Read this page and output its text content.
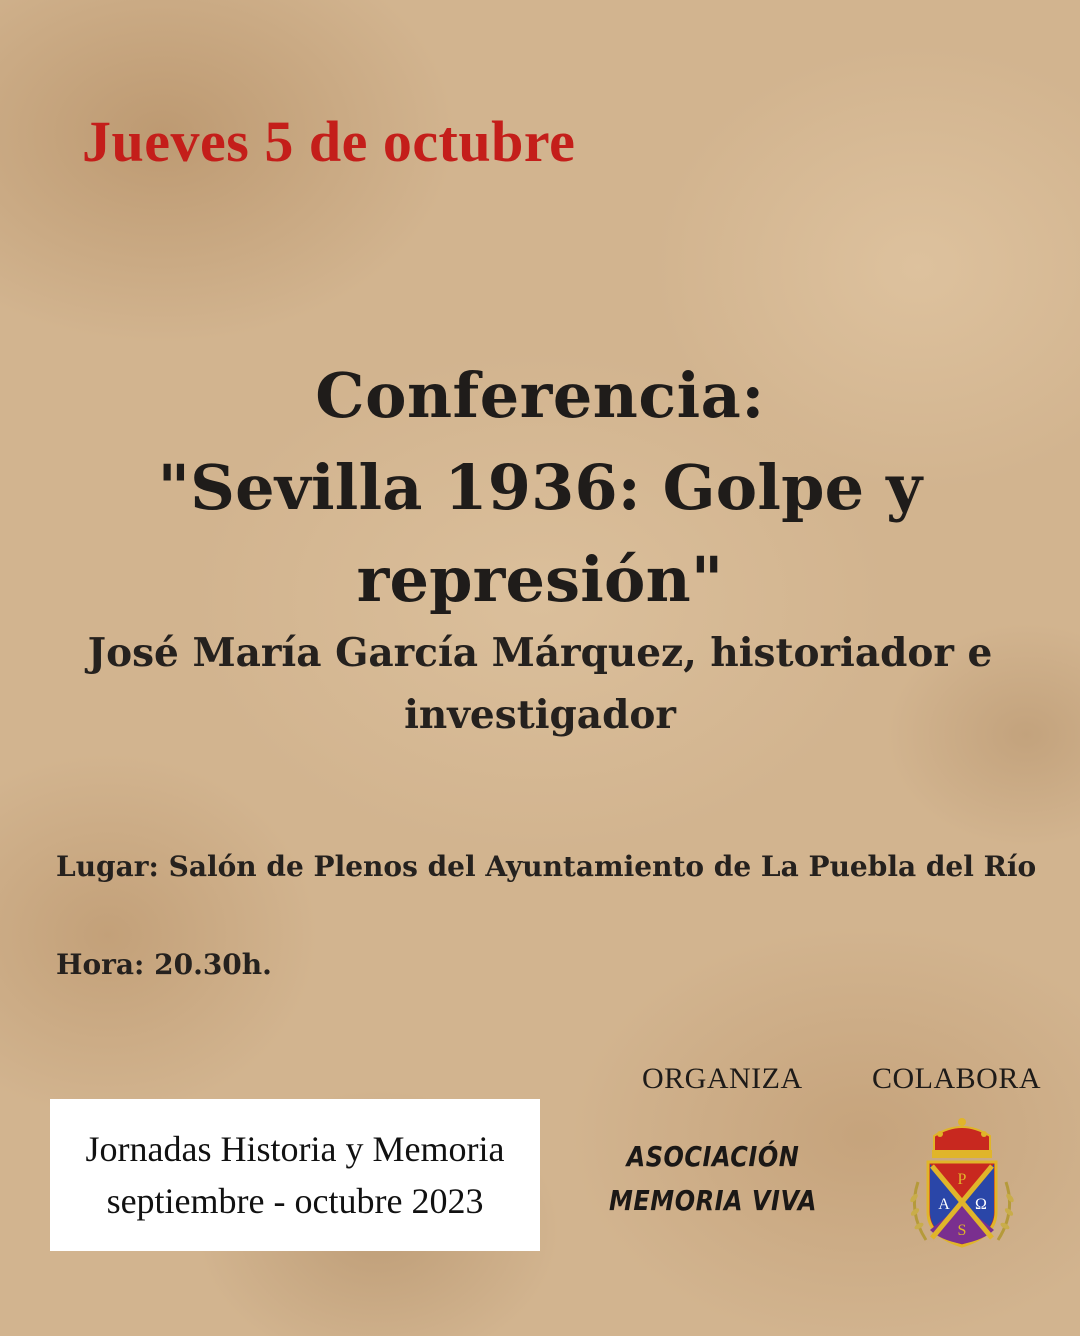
Jueves 5 de octubre
Conferencia:
"Sevilla 1936: Golpe y represión"
José María García Márquez, historiador e
investigador
Lugar: Salón de Plenos del Ayuntamiento de La Puebla del Río
Hora: 20.30h.
Jornadas Historia y Memoria
septiembre - octubre 2023
ORGANIZA COLABORA
ASOCIACIÓN
MEMORIA VIVA
P
A Ω
S
